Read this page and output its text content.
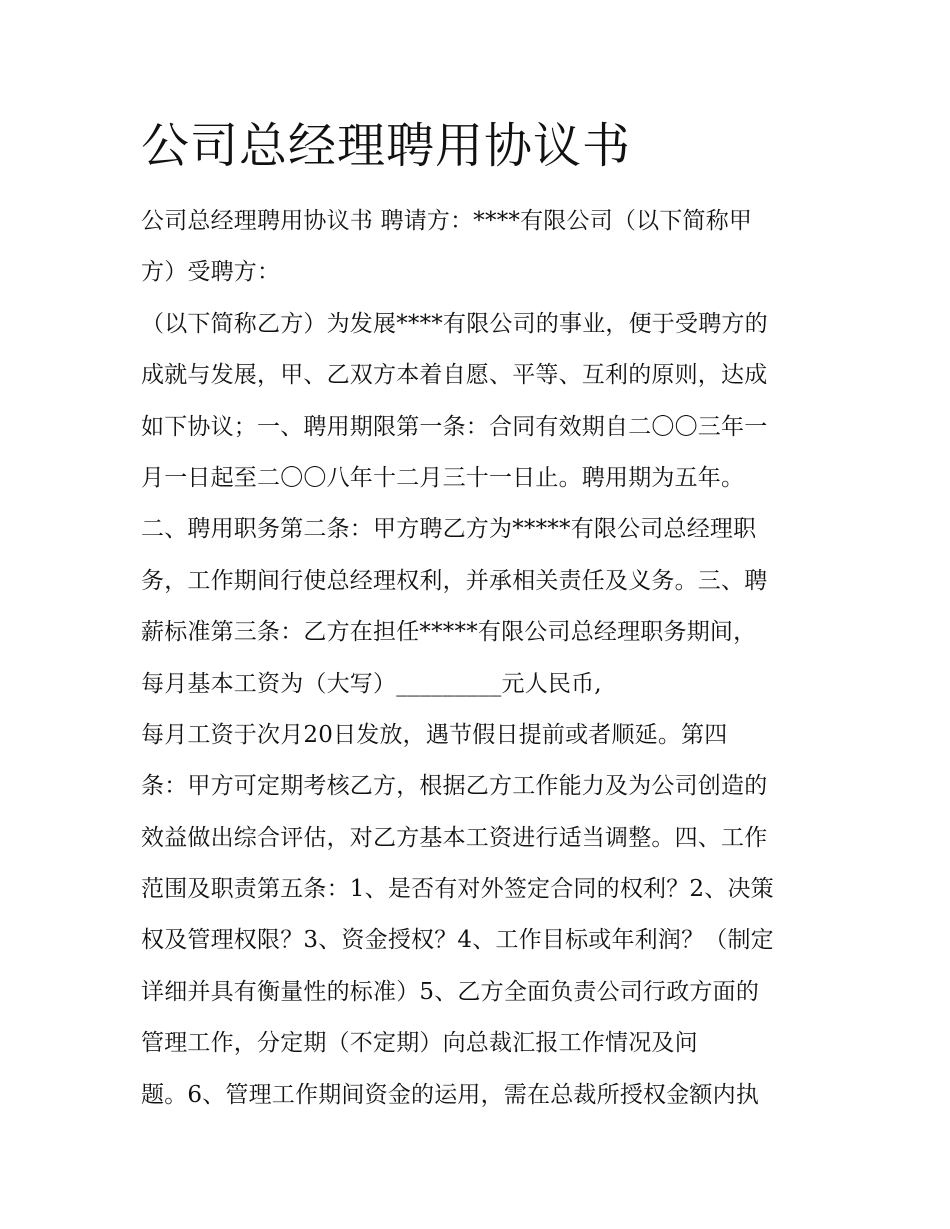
公司总经理聘用协议书
公司总经理聘用协议书 聘请方：****有限公司（以下简称甲
方）受聘方：
（以下简称乙方）为发展****有限公司的事业，便于受聘方的
成就与发展，甲、乙双方本着自愿、平等、互利的原则，达成
如下协议；一、聘用期限第一条：合同有效期自二〇〇三年一
月一日起至二〇〇八年十二月三十一日止。聘用期为五年。
二、聘用职务第二条：甲方聘乙方为*****有限公司总经理职
务，工作期间行使总经理权利，并承相关责任及义务。三、聘
薪标准第三条：乙方在担任*****有限公司总经理职务期间，
每月基本工资为（大写）_________元人民币,
每月工资于次月20日发放，遇节假日提前或者顺延。第四
条：甲方可定期考核乙方，根据乙方工作能力及为公司创造的
效益做出综合评估，对乙方基本工资进行适当调整。四、工作
范围及职责第五条：1、是否有对外签定合同的权利？2、决策
权及管理权限？3、资金授权？4、工作目标或年利润？（制定
详细并具有衡量性的标准）5、乙方全面负责公司行政方面的
管理工作，分定期（不定期）向总裁汇报工作情况及问
题。6、管理工作期间资金的运用，需在总裁所授权金额内执
